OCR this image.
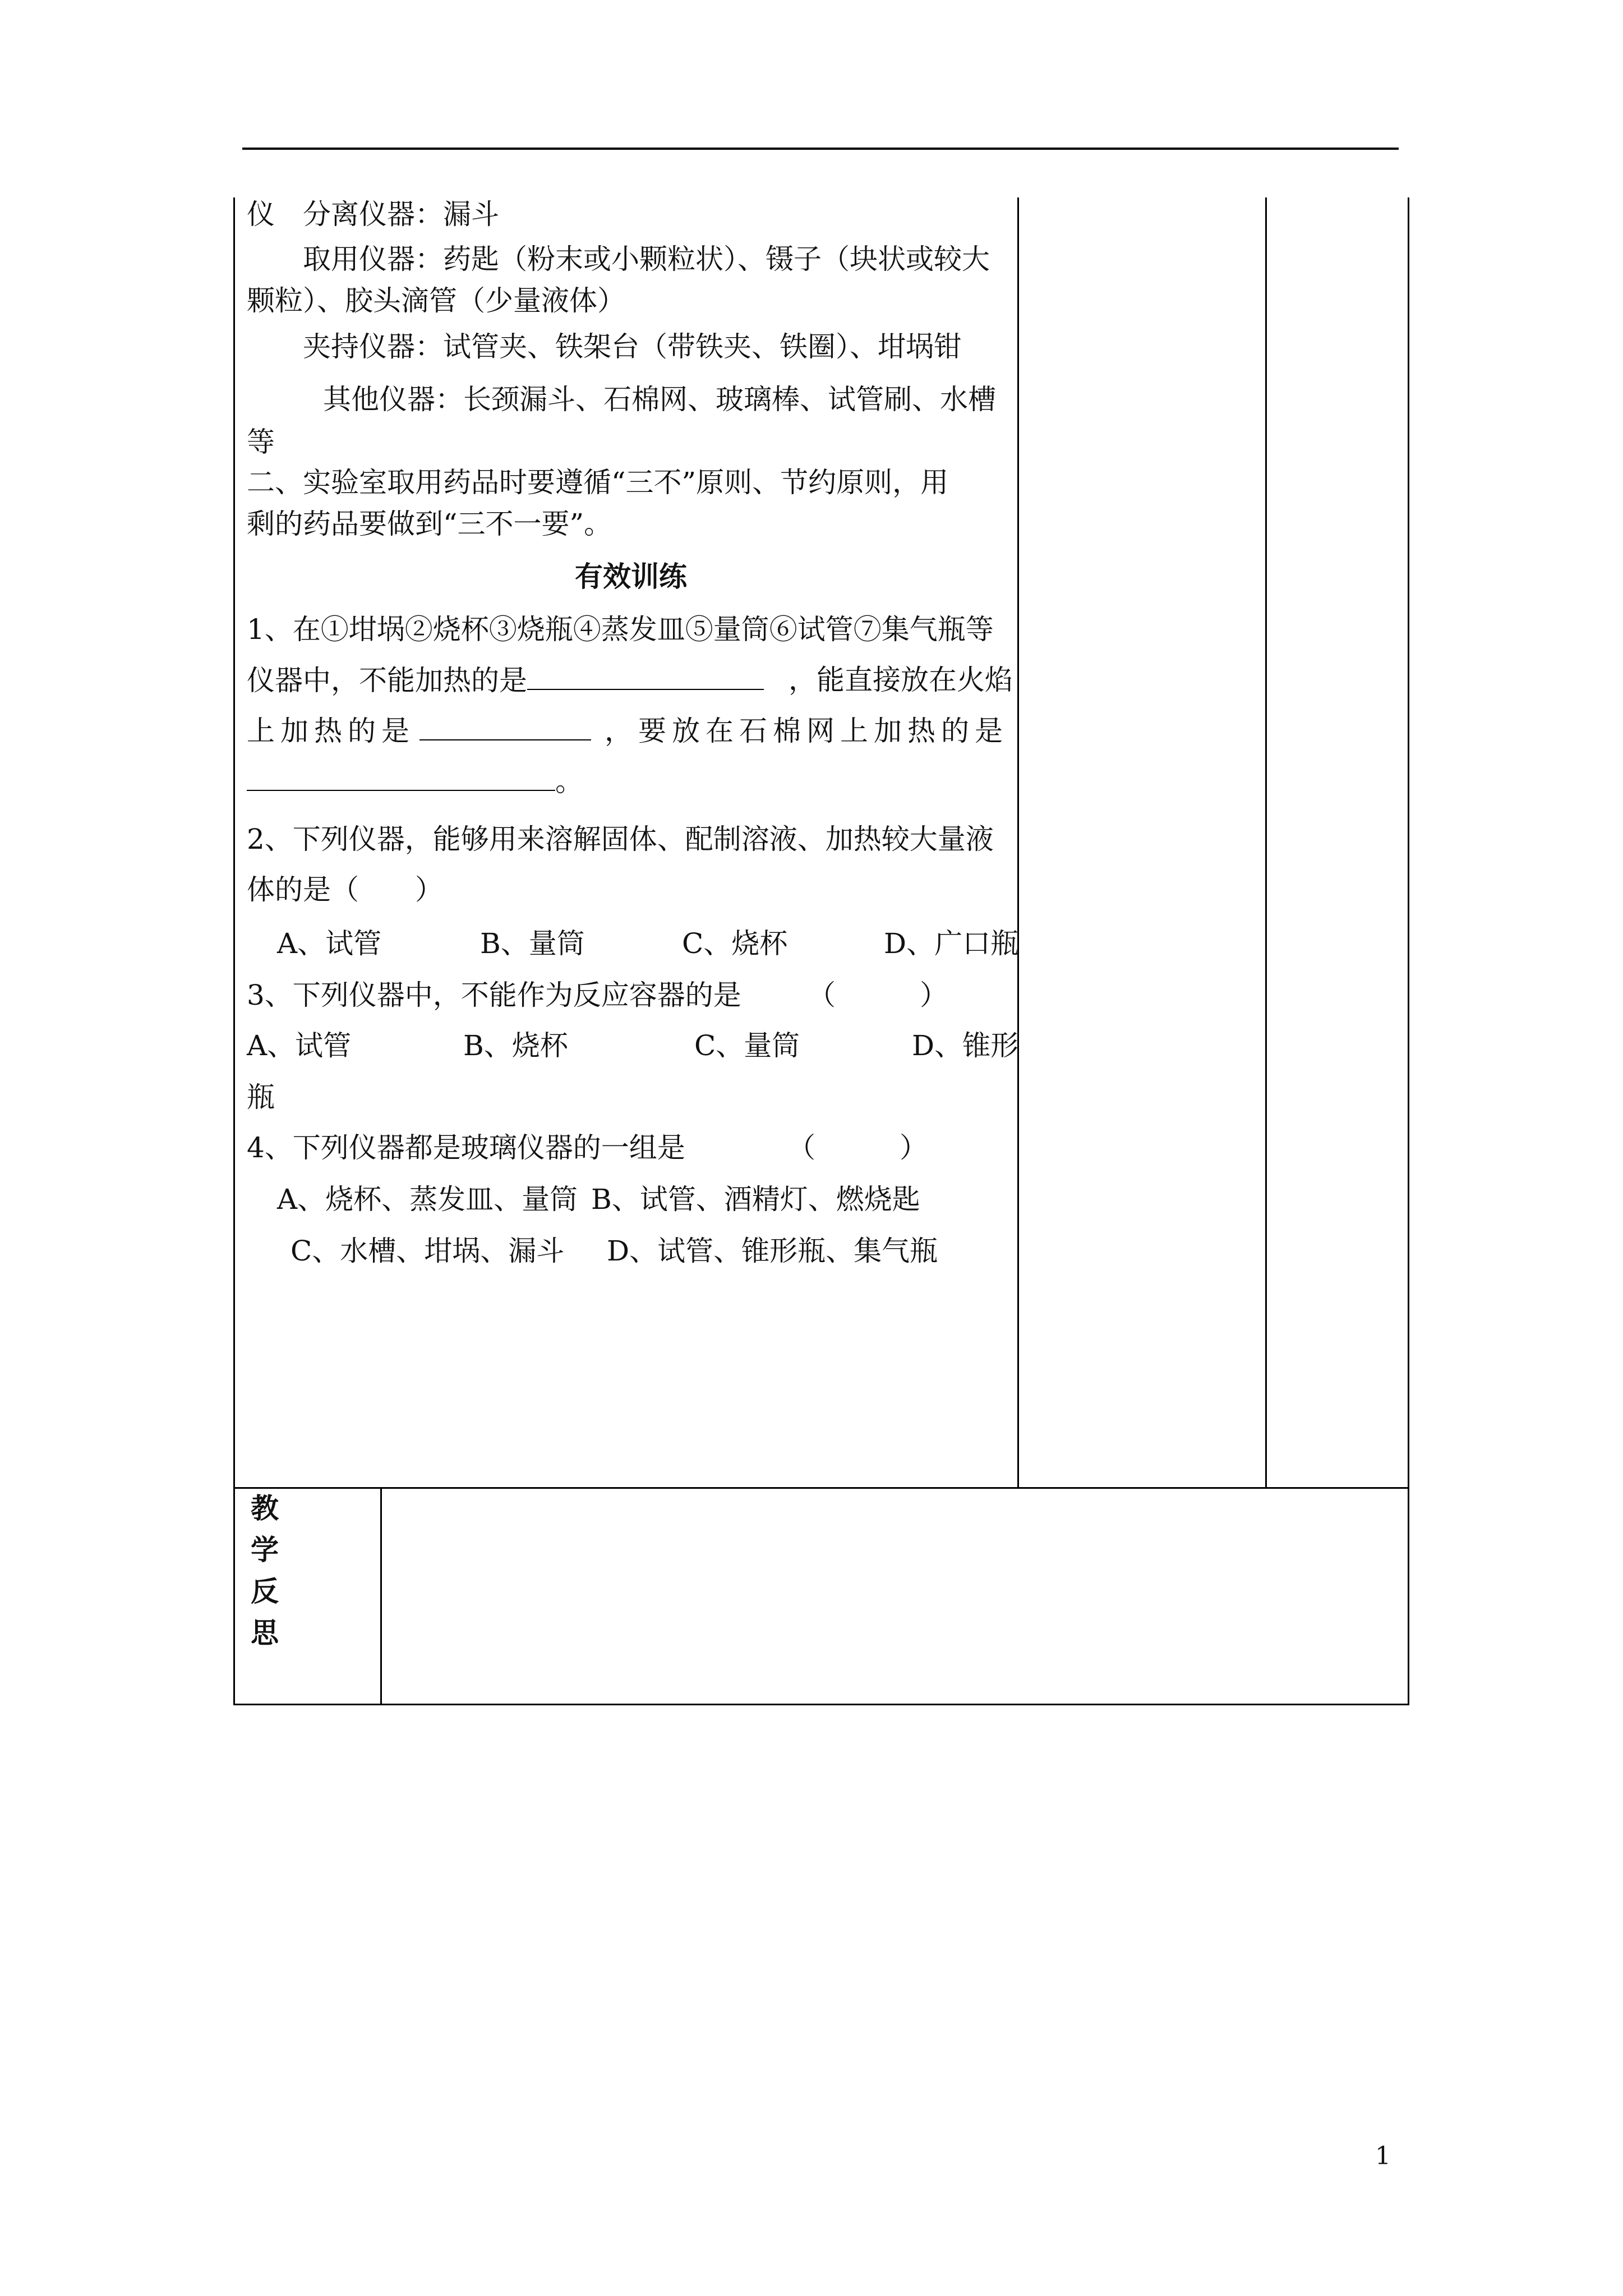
仪 分离仪器：漏斗
取用仪器：药匙（粉末或小颗粒状）、镊子（块状或较大
颗粒）、胶头滴管（少量液体）
夹持仪器：试管夹、铁架台（带铁夹、铁圈）、坩埚钳
其他仪器：长颈漏斗、石棉网、玻璃棒、试管刷、水槽
等
二、实验室取用药品时要遵循“三不”原则、节约原则，用
剩的药品要做到“三不一要”。
有效训练
1、在①坩埚②烧杯③烧瓶④蒸发皿⑤量筒⑥试管⑦集气瓶等
仪器中，不能加热的是	，能直接放在火焰
上加热的是	，要放在石棉网上加热的是
。
2、下列仪器，能够用来溶解固体、配制溶液、加热较大量液
体的是（　　）
A、试管	B、量筒	C、烧杯	D、广口瓶
3、下列仪器中，不能作为反应容器的是 （　　　）
A、试管	B、烧杯	C、量筒	D、锥形
瓶
4、下列仪器都是玻璃仪器的一组是	（　　　）
A、烧杯、蒸发皿、量筒 B、试管、酒精灯、燃烧匙
C、水槽、坩埚、漏斗 D、试管、锥形瓶、集气瓶
教
学
反
思
1
